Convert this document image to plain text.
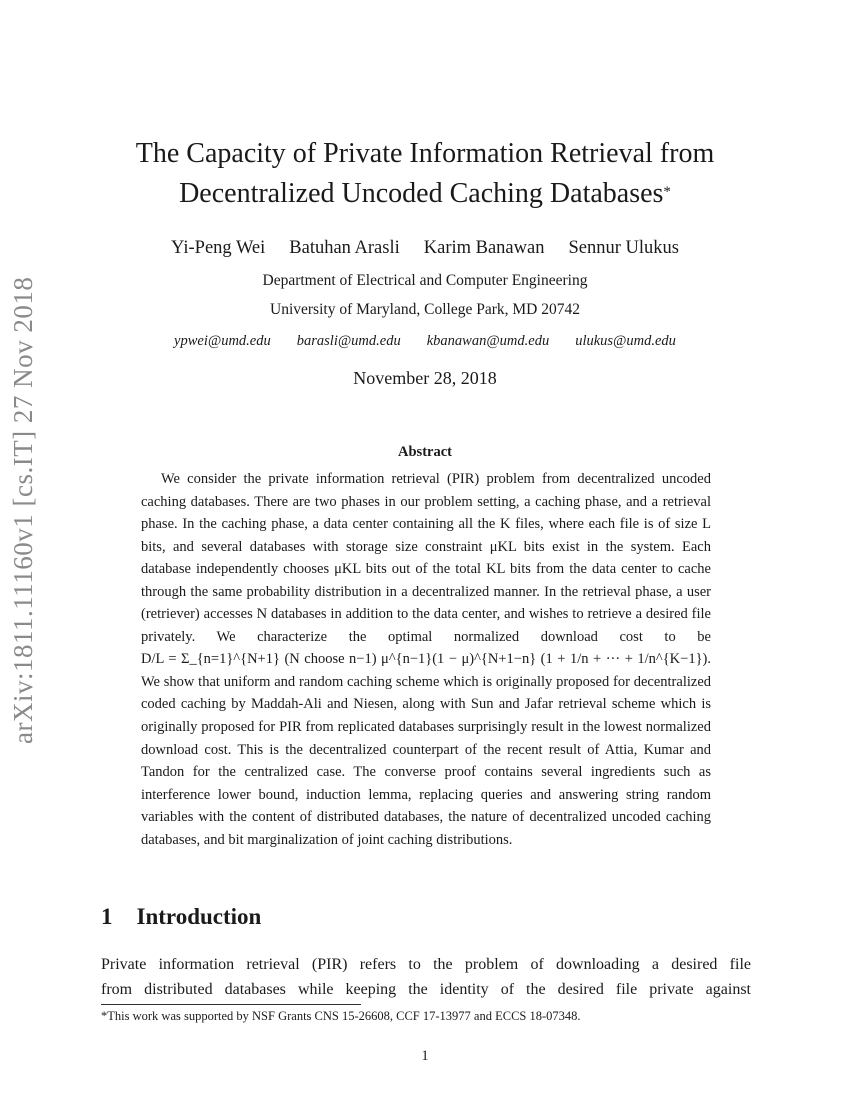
arXiv:1811.11160v1 [cs.IT] 27 Nov 2018
The Capacity of Private Information Retrieval from
Decentralized Uncoded Caching Databases*
Yi-Peng Wei Batuhan Arasli Karim Banawan Sennur Ulukus
Department of Electrical and Computer Engineering
University of Maryland, College Park, MD 20742
ypwei@umd.edu barasli@umd.edu kbanawan@umd.edu ulukus@umd.edu
November 28, 2018
Abstract

We consider the private information retrieval (PIR) problem from decentralized uncoded caching databases. There are two phases in our problem setting, a caching phase, and a retrieval phase. In the caching phase, a data center containing all the K files, where each file is of size L bits, and several databases with storage size constraint μKL bits exist in the system. Each database independently chooses μKL bits out of the total KL bits from the data center to cache through the same probability distribution in a decentralized manner. In the retrieval phase, a user (retriever) accesses N databases in addition to the data center, and wishes to retrieve a desired file privately. We characterize the optimal normalized download cost to be D/L = Σ_{n=1}^{N+1} (N choose n−1) μ^{n−1}(1 − μ)^{N+1−n} (1 + 1/n + ··· + 1/n^{K−1}). We show that uniform and random caching scheme which is originally proposed for decentralized coded caching by Maddah-Ali and Niesen, along with Sun and Jafar retrieval scheme which is originally proposed for PIR from replicated databases surprisingly result in the lowest normalized download cost. This is the decentralized counterpart of the recent result of Attia, Kumar and Tandon for the centralized case. The converse proof contains several ingredients such as interference lower bound, induction lemma, replacing queries and answering string random variables with the content of distributed databases, the nature of decentralized uncoded caching databases, and bit marginalization of joint caching distributions.

1 Introduction

Private information retrieval (PIR) refers to the problem of downloading a desired file

from distributed databases while keeping the identity of the desired file private against

*This work was supported by NSF Grants CNS 15-26608, CCF 17-13977 and ECCS 18-07348.
1
